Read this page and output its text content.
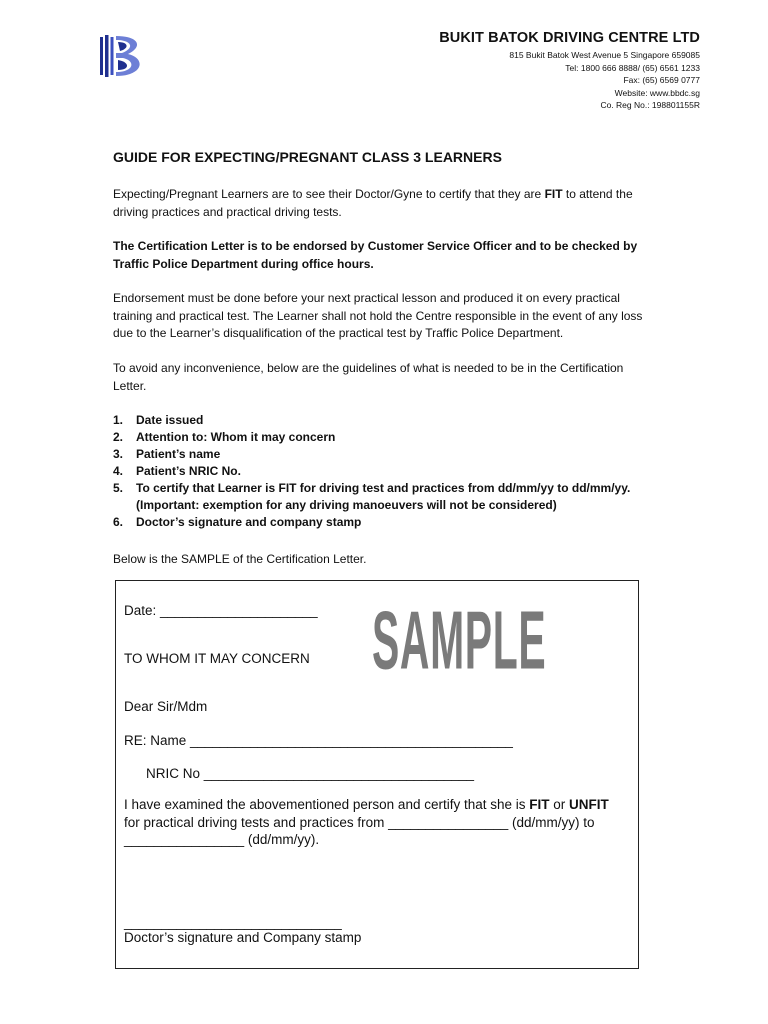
BUKIT BATOK DRIVING CENTRE LTD
815 Bukit Batok West Avenue 5 Singapore 659085
Tel: 1800 666 8888/ (65) 6561 1233
Fax: (65) 6569 0777
Website: www.bbdc.sg
Co. Reg No.: 198801155R
GUIDE FOR EXPECTING/PREGNANT CLASS 3 LEARNERS

Expecting/Pregnant Learners are to see their Doctor/Gyne to certify that they are FIT to attend the driving practices and practical driving tests.

The Certification Letter is to be endorsed by Customer Service Officer and to be checked by Traffic Police Department during office hours.

Endorsement must be done before your next practical lesson and produced it on every practical training and practical test. The Learner shall not hold the Centre responsible in the event of any loss due to the Learner’s disqualification of the practical test by Traffic Police Department.

To avoid any inconvenience, below are the guidelines of what is needed to be in the Certification Letter.

1.	Date issued
2.	Attention to: Whom it may concern
3.	Patient’s name
4.	Patient’s NRIC No.
5.	To certify that Learner is FIT for driving test and practices from dd/mm/yy to dd/mm/yy.
(Important: exemption for any driving manoeuvers will not be considered)
6.	Doctor’s signature and company stamp

Below is the SAMPLE of the Certification Letter.

SAMPLE
Date: _____________________
TO WHOM IT MAY CONCERN
Dear Sir/Mdm
RE: Name ___________________________________________
NRIC No ____________________________________
I have examined the abovementioned person and certify that she is FIT or UNFIT
for practical driving tests and practices from ________________ (dd/mm/yy) to
________________ (dd/mm/yy).
_____________________________
Doctor’s signature and Company stamp
